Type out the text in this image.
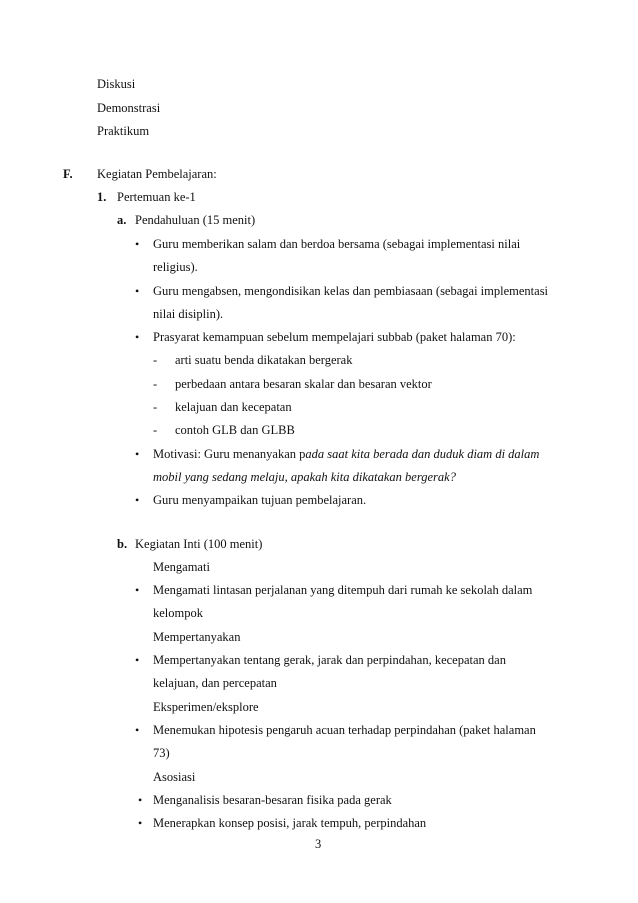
Diskusi
Demonstrasi
Praktikum
F. Kegiatan Pembelajaran:
1. Pertemuan ke-1
a. Pendahuluan (15 menit)
• Guru memberikan salam dan berdoa bersama (sebagai implementasi nilai
religius).
• Guru mengabsen, mengondisikan kelas dan pembiasaan (sebagai implementasi
nilai disiplin).
• Prasyarat kemampuan sebelum mempelajari subbab (paket halaman 70):
- arti suatu benda dikatakan bergerak
- perbedaan antara besaran skalar dan besaran vektor
- kelajuan dan kecepatan
- contoh GLB dan GLBB
• Motivasi: Guru menanyakan pada saat kita berada dan duduk diam di dalam
mobil yang sedang melaju, apakah kita dikatakan bergerak?
• Guru menyampaikan tujuan pembelajaran.
b. Kegiatan Inti (100 menit)
Mengamati
• Mengamati lintasan perjalanan yang ditempuh dari rumah ke sekolah dalam
kelompok
Mempertanyakan
• Mempertanyakan tentang gerak, jarak dan perpindahan, kecepatan dan
kelajuan, dan percepatan
Eksperimen/eksplore
• Menemukan hipotesis pengaruh acuan terhadap perpindahan (paket halaman
73)
Asosiasi
• Menganalisis besaran-besaran fisika pada gerak
• Menerapkan konsep posisi, jarak tempuh, perpindahan
3
